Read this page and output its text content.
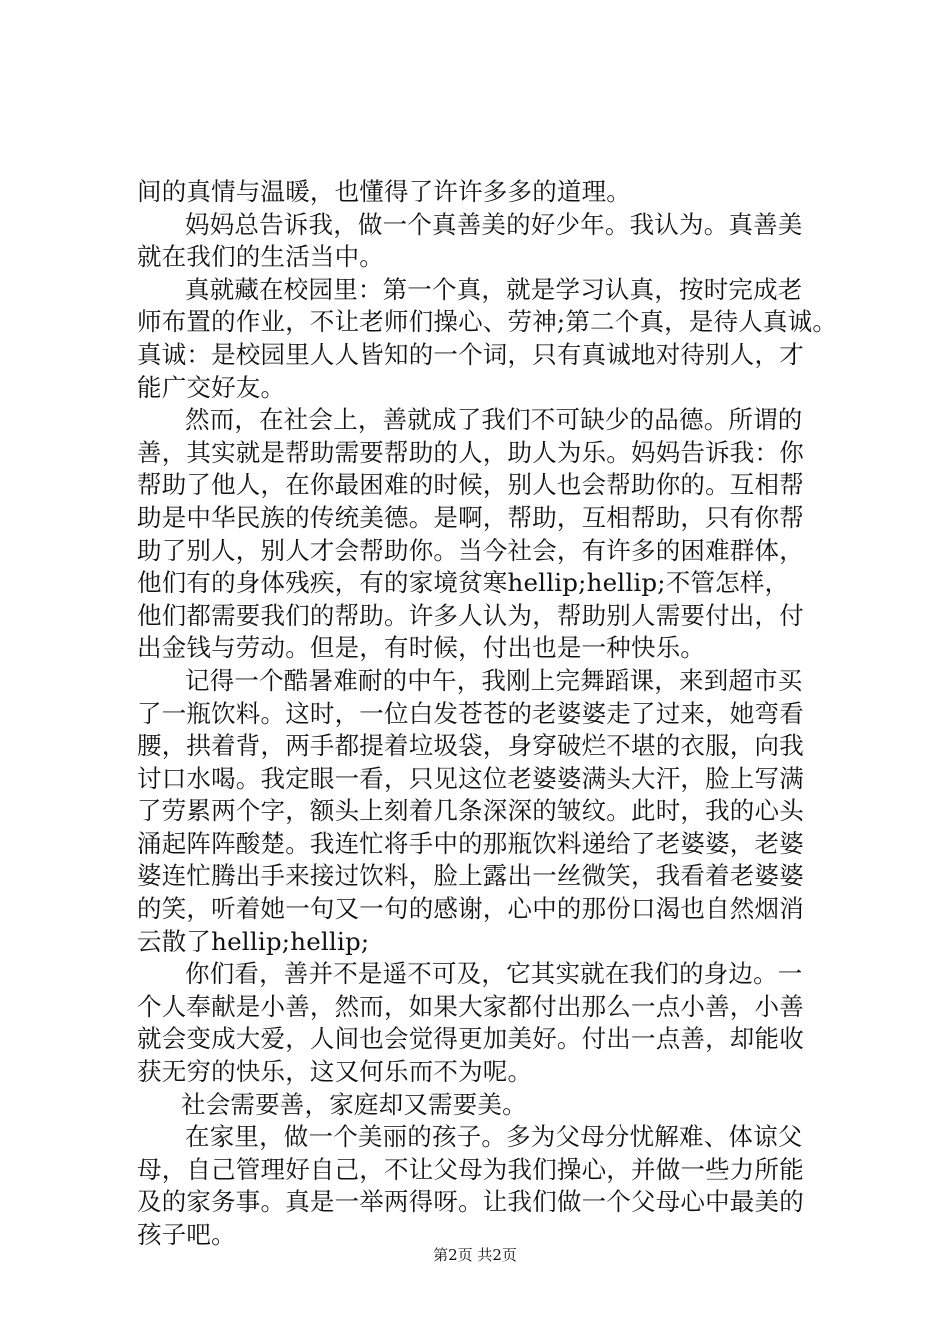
间的真情与温暖，也懂得了许许多多的道理。
妈妈总告诉我，做一个真善美的好少年。我认为。真善美
就在我们的生活当中。
真就藏在校园里：第一个真，就是学习认真，按时完成老
师布置的作业，不让老师们操心、劳神;第二个真，是待人真诚。
真诚：是校园里人人皆知的一个词，只有真诚地对待别人，才
能广交好友。
然而，在社会上，善就成了我们不可缺少的品德。所谓的
善，其实就是帮助需要帮助的人，助人为乐。妈妈告诉我：你
帮助了他人，在你最困难的时候，别人也会帮助你的。互相帮
助是中华民族的传统美德。是啊，帮助，互相帮助，只有你帮
助了别人，别人才会帮助你。当今社会，有许多的困难群体，
他们有的身体残疾，有的家境贫寒hellip;hellip;不管怎样，
他们都需要我们的帮助。许多人认为，帮助别人需要付出，付
出金钱与劳动。但是，有时候，付出也是一种快乐。
记得一个酷暑难耐的中午，我刚上完舞蹈课，来到超市买
了一瓶饮料。这时，一位白发苍苍的老婆婆走了过来，她弯看
腰，拱着背，两手都提着垃圾袋，身穿破烂不堪的衣服，向我
讨口水喝。我定眼一看，只见这位老婆婆满头大汗，脸上写满
了劳累两个字，额头上刻着几条深深的皱纹。此时，我的心头
涌起阵阵酸楚。我连忙将手中的那瓶饮料递给了老婆婆，老婆
婆连忙腾出手来接过饮料，脸上露出一丝微笑，我看着老婆婆
的笑，听着她一句又一句的感谢，心中的那份口渴也自然烟消
云散了hellip;hellip;
你们看，善并不是遥不可及，它其实就在我们的身边。一
个人奉献是小善，然而，如果大家都付出那么一点小善，小善
就会变成大爱，人间也会觉得更加美好。付出一点善，却能收
获无穷的快乐，这又何乐而不为呢。
社会需要善，家庭却又需要美。
在家里，做一个美丽的孩子。多为父母分忧解难、体谅父
母，自己管理好自己，不让父母为我们操心，并做一些力所能
及的家务事。真是一举两得呀。让我们做一个父母心中最美的
孩子吧。
第2页 共2页
